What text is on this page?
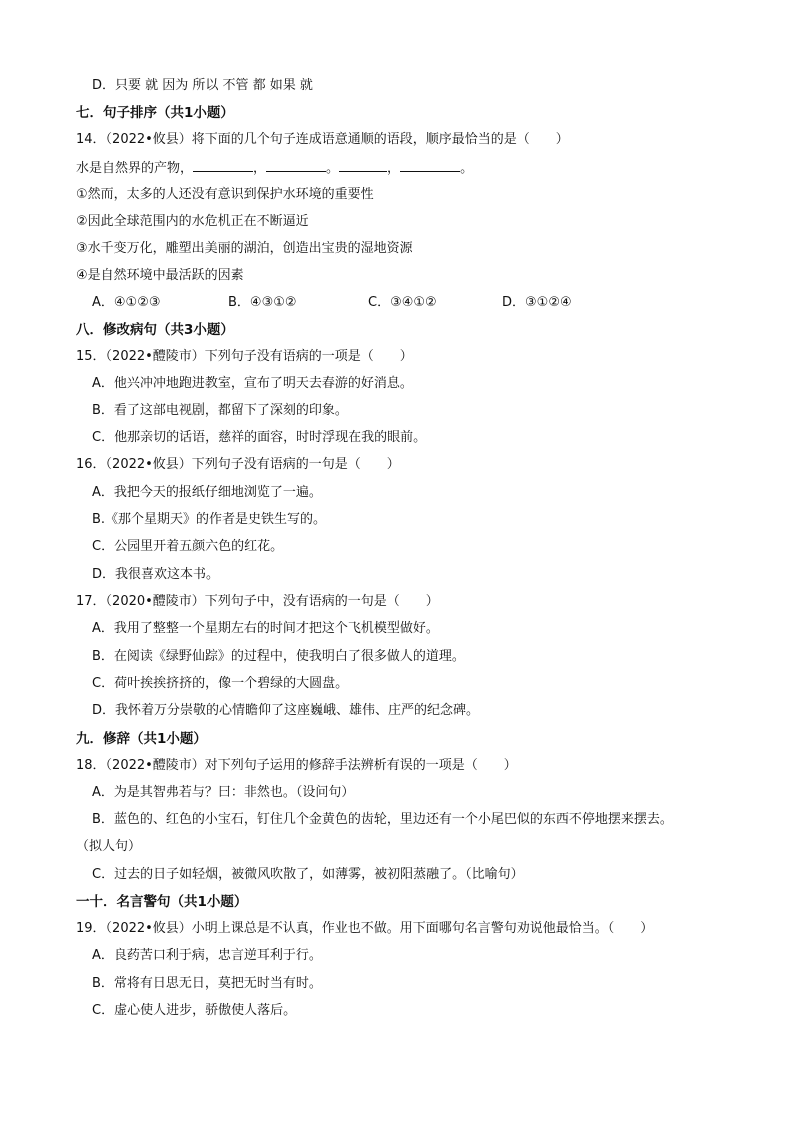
D．只要 就 因为 所以 不管 都 如果 就
七．句子排序（共1小题）
14．（2022•攸县）将下面的几个句子连成语意通顺的语段，顺序最恰当的是（　　）
①然而，太多的人还没有意识到保护水环境的重要性
②因此全球范围内的水危机正在不断逼近
③水千变万化，雕塑出美丽的湖泊，创造出宝贵的湿地资源
④是自然环境中最活跃的因素
八．修改病句（共3小题）
15．（2022•醴陵市）下列句子没有语病的一项是（　　）
A．他兴冲冲地跑进教室，宣布了明天去春游的好消息。
B．看了这部电视剧，都留下了深刻的印象。
C．他那亲切的话语，慈祥的面容，时时浮现在我的眼前。
16．（2022•攸县）下列句子没有语病的一句是（　　）
A．我把今天的报纸仔细地浏览了一遍。
B.《那个星期天》的作者是史铁生写的。
C．公园里开着五颜六色的红花。
D．我很喜欢这本书。
17．（2020•醴陵市）下列句子中，没有语病的一句是（　　）
A．我用了整整一个星期左右的时间才把这个飞机模型做好。
B．在阅读《绿野仙踪》的过程中，使我明白了很多做人的道理。
C．荷叶挨挨挤挤的，像一个碧绿的大圆盘。
D．我怀着万分崇敬的心情瞻仰了这座巍峨、雄伟、庄严的纪念碑。
九．修辞（共1小题）
18．（2022•醴陵市）对下列句子运用的修辞手法辨析有误的一项是（　　）
A．为是其智弗若与？曰：非然也。（设问句）
B．蓝色的、红色的小宝石，钉住几个金黄色的齿轮，里边还有一个小尾巴似的东西不停地摆来摆去。
（拟人句）
C．过去的日子如轻烟，被微风吹散了，如薄雾，被初阳蒸融了。（比喻句）
一十．名言警句（共1小题）
19．（2022•攸县）小明上课总是不认真，作业也不做。用下面哪句名言警句劝说他最恰当。（　　）
A．良药苦口利于病，忠言逆耳利于行。
B．常将有日思无日，莫把无时当有时。
C．虚心使人进步，骄傲使人落后。
水是自然界的产物，	，	。	，	。
A．④①②③	B．④③①②	C．③④①②	D．③①②④
